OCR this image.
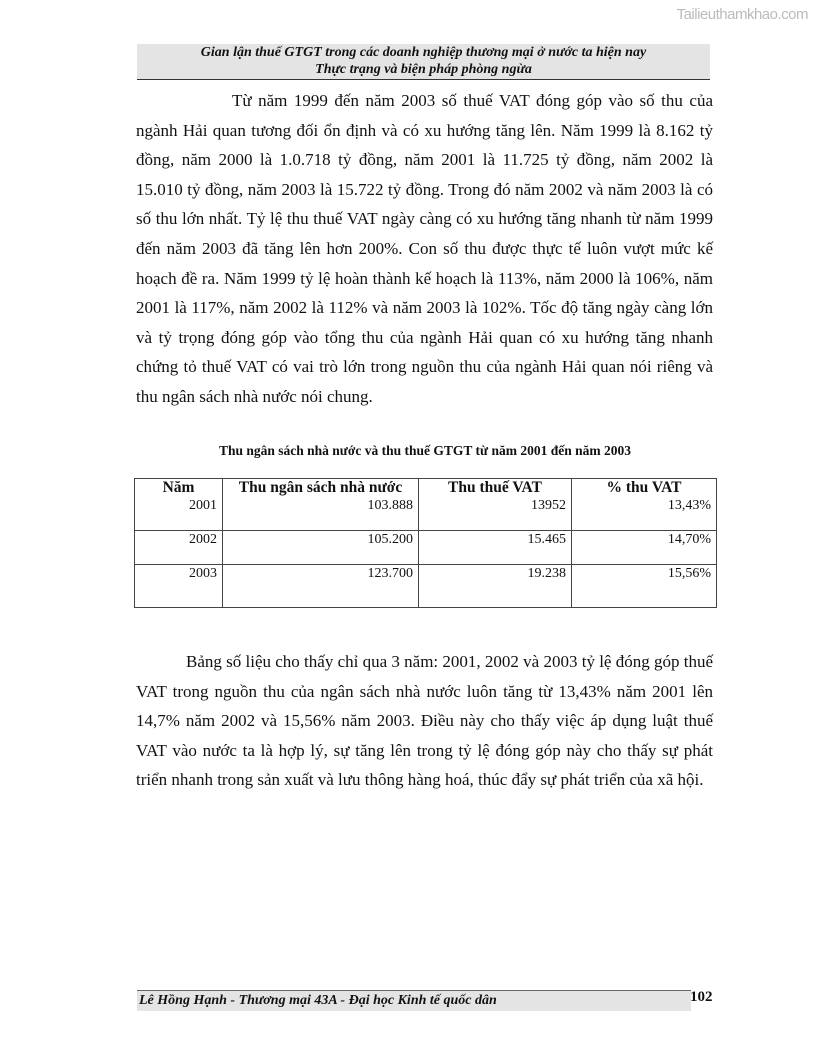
Tailieuthamkhao.com
Gian lận thuế GTGT trong các doanh nghiệp thương mại ở nước ta hiện nay
Thực trạng và biện pháp phòng ngừa
Từ năm 1999 đến năm 2003 số thuế VAT đóng góp vào số thu của ngành Hải quan tương đối ổn định và có xu hướng tăng lên. Năm 1999 là 8.162 tỷ đồng, năm 2000 là 1.0.718 tỷ đồng, năm 2001 là 11.725 tỷ đồng, năm 2002 là 15.010 tỷ đồng, năm 2003 là 15.722 tỷ đồng. Trong đó năm 2002 và năm 2003 là có số thu lớn nhất. Tỷ lệ thu thuế VAT ngày càng có xu hướng tăng nhanh từ năm 1999 đến năm 2003 đã tăng lên hơn 200%. Con số thu được thực tế luôn vượt mức kế hoạch đề ra. Năm 1999 tỷ lệ hoàn thành kế hoạch là 113%, năm 2000 là 106%, năm 2001 là 117%, năm 2002 là 112% và năm 2003 là 102%. Tốc độ tăng ngày càng lớn và tỷ trọng đóng góp vào tổng thu của ngành Hải quan có xu hướng tăng nhanh chứng tỏ thuế VAT có vai trò lớn trong nguồn thu của ngành Hải quan nói riêng và thu ngân sách nhà nước nói chung.
Thu ngân sách nhà nước và thu thuế GTGT từ năm 2001 đến năm 2003
Năm	Thu ngân sách nhà nước	Thu thuế VAT	% thu VAT
2001	103.888	13952	13,43%
2002	105.200	15.465	14,70%
2003	123.700	19.238	15,56%
Bảng số liệu cho thấy chỉ qua 3 năm: 2001, 2002 và 2003 tỷ lệ đóng góp thuế VAT trong nguồn thu của ngân sách nhà nước luôn tăng từ 13,43% năm 2001 lên 14,7% năm 2002 và 15,56% năm 2003. Điều này cho thấy việc áp dụng luật thuế VAT vào nước ta là hợp lý, sự tăng lên trong tỷ lệ đóng góp này cho thấy sự phát triển nhanh trong sản xuất và lưu thông hàng hoá, thúc đẩy sự phát triển của xã hội.
Lê Hồng Hạnh - Thương mại 43A - Đại học Kinh tế quốc dân	102
